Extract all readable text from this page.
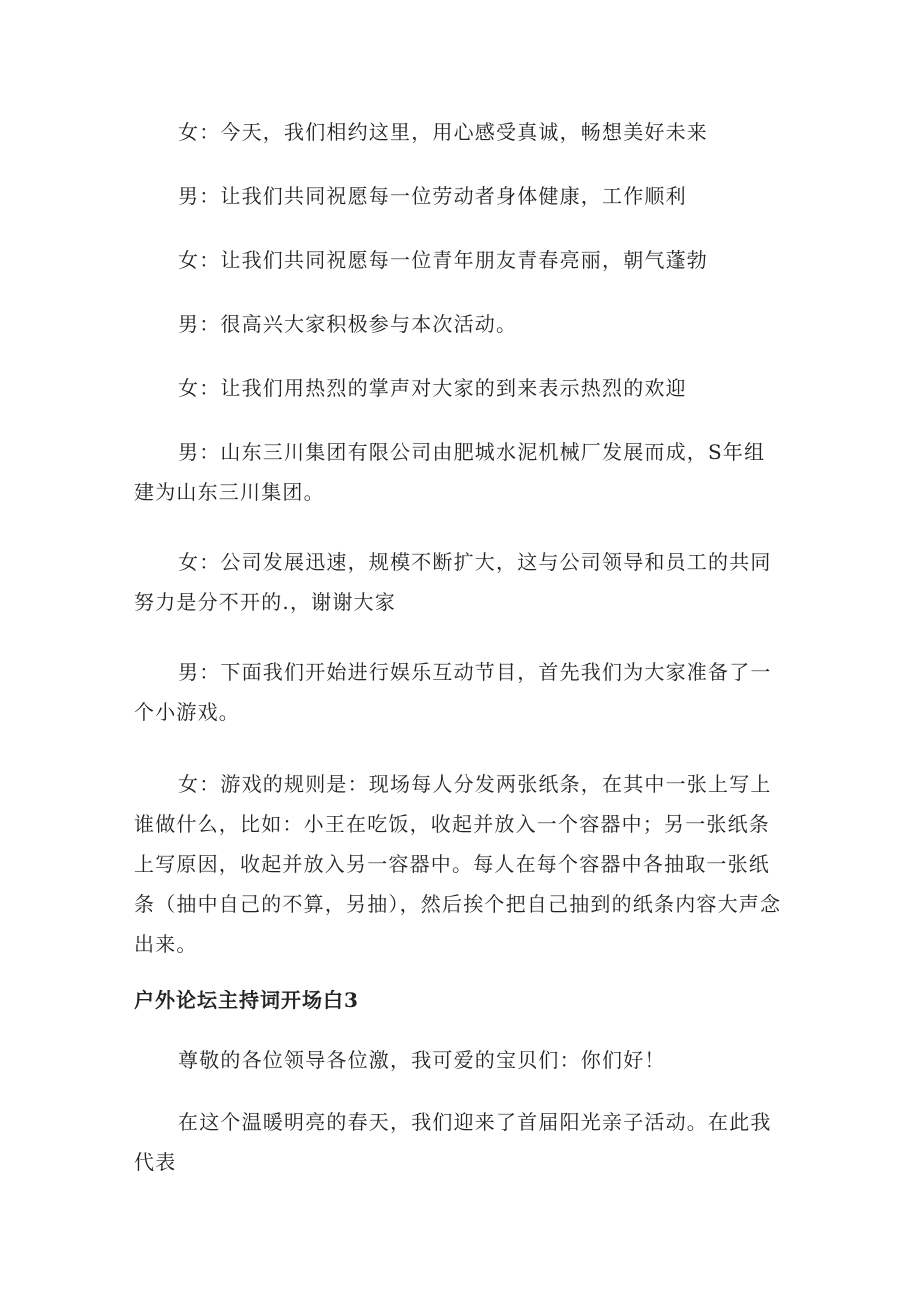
女：今天，我们相约这里，用心感受真诚，畅想美好未来

男：让我们共同祝愿每一位劳动者身体健康，工作顺利

女：让我们共同祝愿每一位青年朋友青春亮丽，朝气蓬勃

男：很高兴大家积极参与本次活动。

女：让我们用热烈的掌声对大家的到来表示热烈的欢迎

男：山东三川集团有限公司由肥城水泥机械厂发展而成，S年组建为山东三川集团。

女：公司发展迅速，规模不断扩大，这与公司领导和员工的共同努力是分不开的.，谢谢大家

男：下面我们开始进行娱乐互动节目，首先我们为大家准备了一个小游戏。

女：游戏的规则是：现场每人分发两张纸条，在其中一张上写上谁做什么，比如：小王在吃饭，收起并放入一个容器中；另一张纸条上写原因，收起并放入另一容器中。每人在每个容器中各抽取一张纸条（抽中自己的不算，另抽），然后挨个把自己抽到的纸条内容大声念出来。

户外论坛主持词开场白3

尊敬的各位领导各位激，我可爱的宝贝们：你们好！

在这个温暖明亮的春天，我们迎来了首届阳光亲子活动。在此我代表
